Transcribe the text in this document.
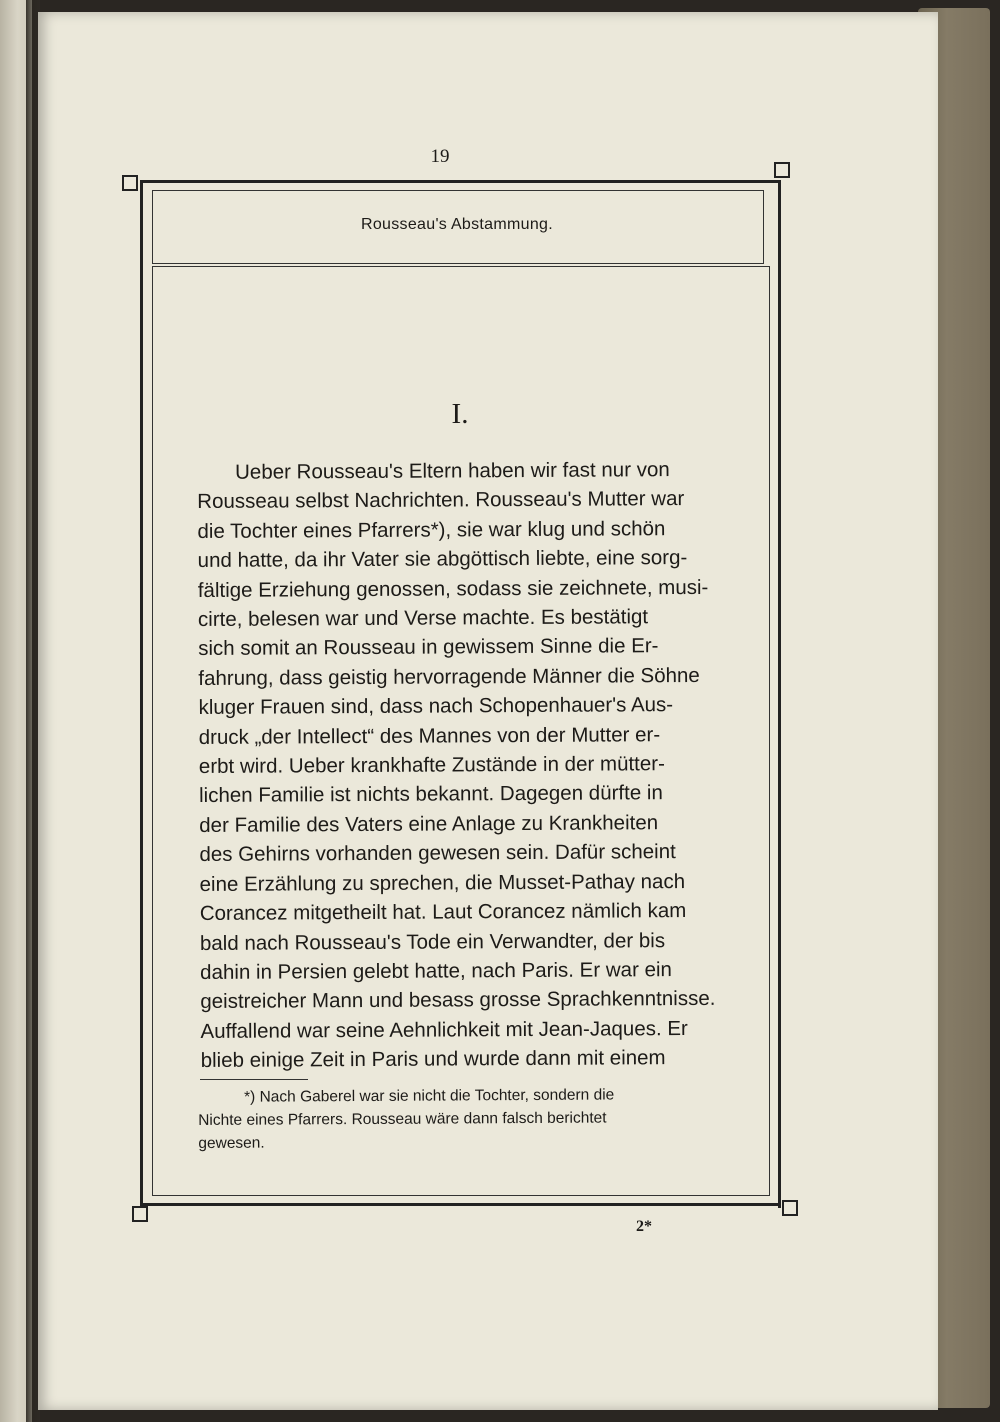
19
Rousseau's Abstammung.
I.
Ueber Rousseau's Eltern haben wir fast nur von
Rousseau selbst Nachrichten. Rousseau's Mutter war
die Tochter eines Pfarrers*), sie war klug und schön
und hatte, da ihr Vater sie abgöttisch liebte, eine sorg-
fältige Erziehung genossen, sodass sie zeichnete, musi-
cirte, belesen war und Verse machte. Es bestätigt
sich somit an Rousseau in gewissem Sinne die Er-
fahrung, dass geistig hervorragende Männer die Söhne
kluger Frauen sind, dass nach Schopenhauer's Aus-
druck „der Intellect“ des Mannes von der Mutter er-
erbt wird. Ueber krankhafte Zustände in der mütter-
lichen Familie ist nichts bekannt. Dagegen dürfte in
der Familie des Vaters eine Anlage zu Krankheiten
des Gehirns vorhanden gewesen sein. Dafür scheint
eine Erzählung zu sprechen, die Musset-Pathay nach
Corancez mitgetheilt hat. Laut Corancez nämlich kam
bald nach Rousseau's Tode ein Verwandter, der bis
dahin in Persien gelebt hatte, nach Paris. Er war ein
geistreicher Mann und besass grosse Sprachkenntnisse.
Auffallend war seine Aehnlichkeit mit Jean-Jaques. Er
blieb einige Zeit in Paris und wurde dann mit einem
*) Nach Gaberel war sie nicht die Tochter, sondern die
Nichte eines Pfarrers. Rousseau wäre dann falsch berichtet
gewesen.
2*
